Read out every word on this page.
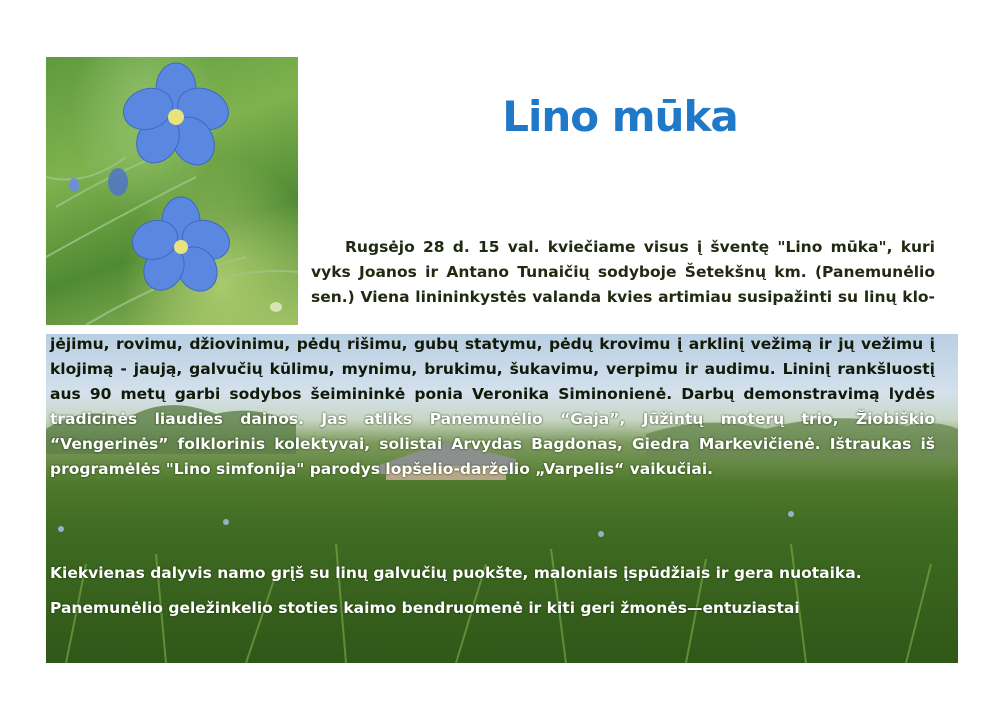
Lino mūka
Rugsėjo 28 d. 15 val. kviečiame visus į šventę "Lino mūka", kuri
vyks Joanos ir Antano Tunaičių sodyboje Šetekšnų km. (Panemunėlio
sen.) Viena linininkystės valanda kvies artimiau susipažinti su linų klo-
jėjimu, rovimu, džiovinimu, pėdų rišimu, gubų statymu, pėdų krovimu į arklinį vežimą ir jų vežimu į
klojimą - jaują, galvučių kūlimu, mynimu, brukimu, šukavimu, verpimu ir audimu. Lininį rankšluostį
aus 90 metų garbi sodybos šeimininkė ponia Veronika Siminonienė. Darbų demonstravimą lydės
tradicinės liaudies dainos. Jas atliks Panemunėlio “Gaja”, Jūžintų moterų trio, Žiobiškio
“Vengerinės” folklorinis kolektyvai, solistai Arvydas Bagdonas, Giedra Markevičienė. Ištraukas iš
programėlės "Lino simfonija" parodys lopšelio-darželio „Varpelis“ vaikučiai.
Kiekvienas dalyvis namo grįš su linų galvučių puokšte, maloniais įspūdžiais ir gera nuotaika.
Panemunėlio geležinkelio stoties kaimo bendruomenė ir kiti geri žmonės—entuziastai
